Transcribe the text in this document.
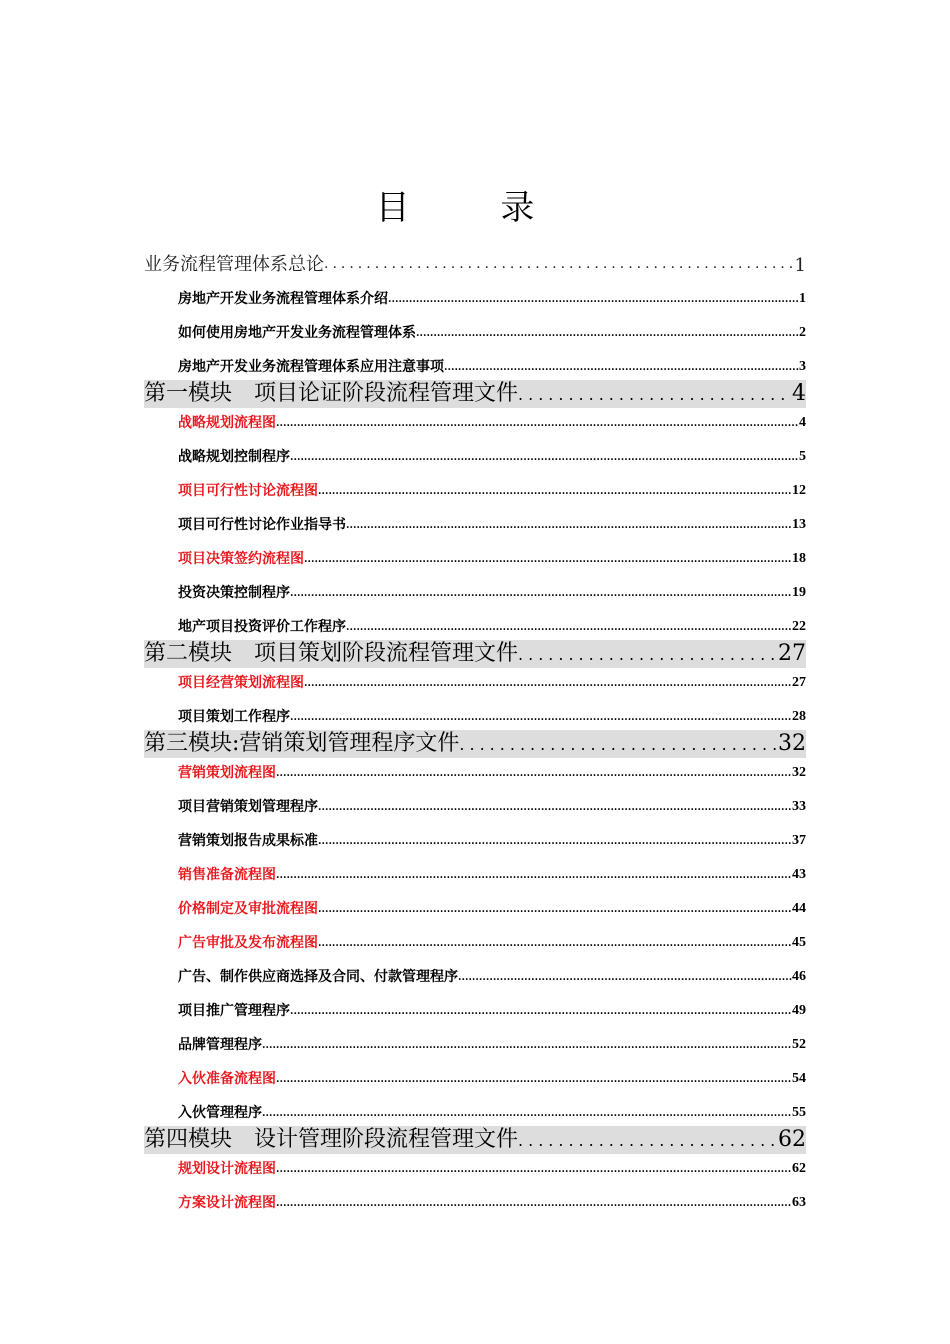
目 录
业务流程管理体系总论 .....	1
房地产开发业务流程管理体系介绍 .....	1
如何使用房地产开发业务流程管理体系 .....	2
房地产开发业务流程管理体系应用注意事项 .....	3
第一模块　项目论证阶段流程管理文件 .....	4
战略规划流程图 .....	4
战略规划控制程序 .....	5
项目可行性讨论流程图 .....	12
项目可行性讨论作业指导书 .....	13
项目决策签约流程图 .....	18
投资决策控制程序 .....	19
地产项目投资评价工作程序 .....	22
第二模块　项目策划阶段流程管理文件 .....	27
项目经营策划流程图 .....	27
项目策划工作程序 .....	28
第三模块:营销策划管理程序文件 .....	32
营销策划流程图 .....	32
项目营销策划管理程序 .....	33
营销策划报告成果标准 .....	37
销售准备流程图 .....	43
价格制定及审批流程图 .....	44
广告审批及发布流程图 .....	45
广告、制作供应商选择及合同、付款管理程序 .....	46
项目推广管理程序 .....	49
品牌管理程序 .....	52
入伙准备流程图 .....	54
入伙管理程序 .....	55
第四模块　设计管理阶段流程管理文件 .....	62
规划设计流程图 .....	62
方案设计流程图 .....	63
